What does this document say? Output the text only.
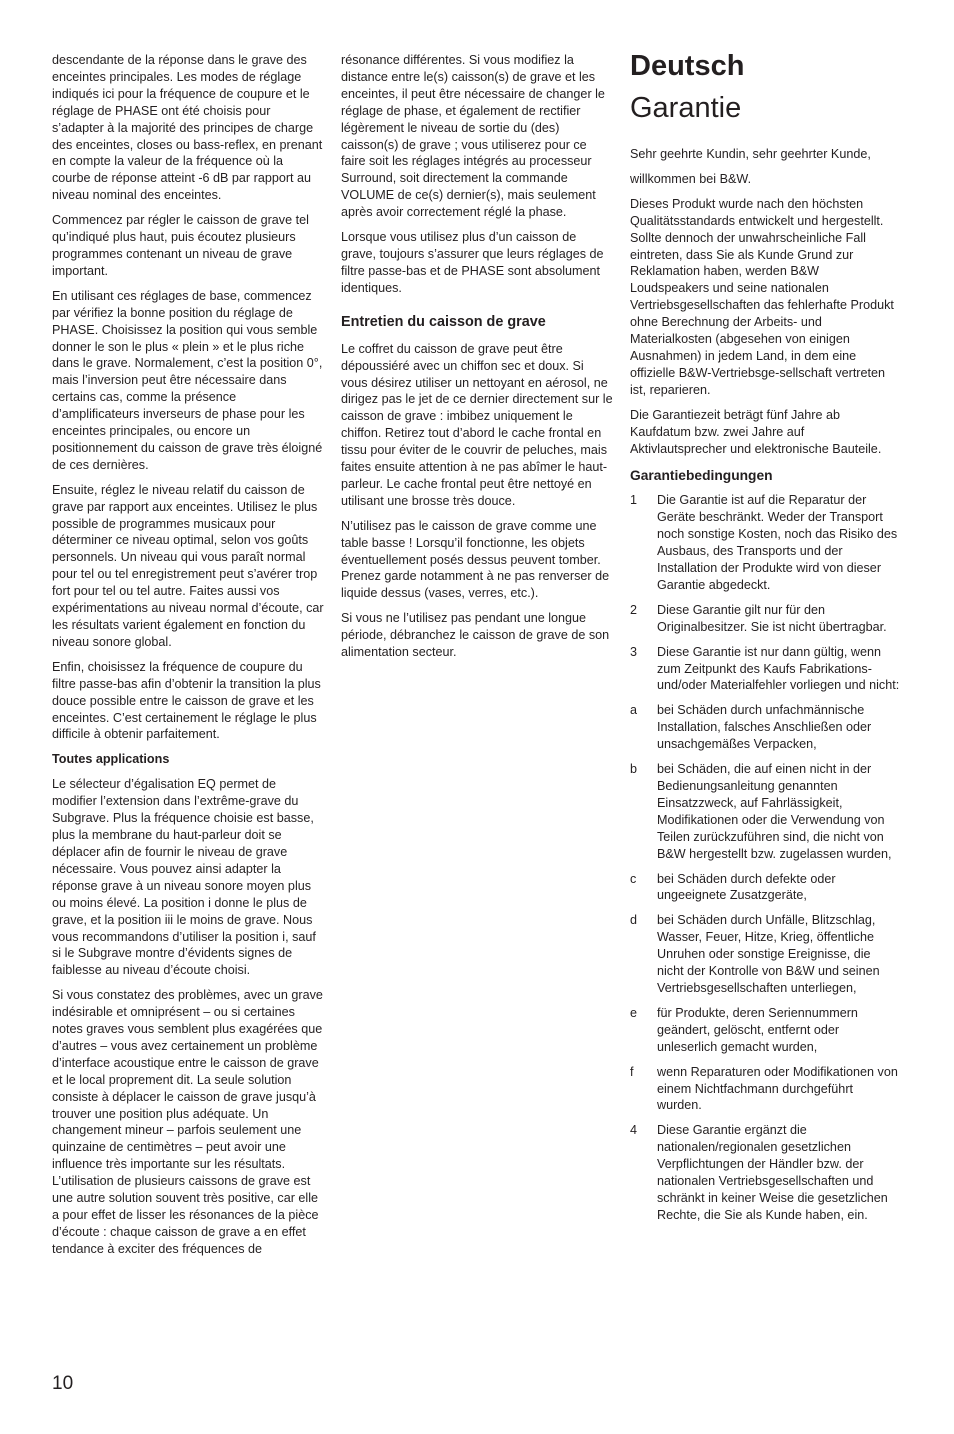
descendante de la réponse dans le grave des enceintes principales. Les modes de réglage indiqués ici pour la fréquence de coupure et le réglage de PHASE ont été choisis pour s’adapter à la majorité des principes de charge des enceintes, closes ou bass-reflex, en prenant en compte la valeur de la fréquence où la courbe de réponse atteint -6 dB par rapport au niveau nominal des enceintes.

Commencez par régler le caisson de grave tel qu’indiqué plus haut, puis écoutez plusieurs programmes contenant un niveau de grave important.

En utilisant ces réglages de base, commencez par vérifiez la bonne position du réglage de PHASE. Choisissez la position qui vous semble donner le son le plus « plein » et le plus riche dans le grave. Normalement, c’est la position 0°, mais l’inversion peut être nécessaire dans certains cas, comme la présence d’amplificateurs inverseurs de phase pour les enceintes principales, ou encore un positionnement du caisson de grave très éloigné de ces dernières.

Ensuite, réglez le niveau relatif du caisson de grave par rapport aux enceintes. Utilisez le plus possible de programmes musicaux pour déterminer ce niveau optimal, selon vos goûts personnels. Un niveau qui vous paraît normal pour tel ou tel enregistrement peut s’avérer trop fort pour tel ou tel autre. Faites aussi vos expérimentations au niveau normal d’écoute, car les résultats varient également en fonction du niveau sonore global.

Enfin, choisissez la fréquence de coupure du filtre passe-bas afin d’obtenir la transition la plus douce possible entre le caisson de grave et les enceintes. C’est certainement le réglage le plus difficile à obtenir parfaitement.

Toutes applications

Le sélecteur d’égalisation EQ permet de modifier l’extension dans l’extrême-grave du Subgrave. Plus la fréquence choisie est basse, plus la membrane du haut-parleur doit se déplacer afin de fournir le niveau de grave nécessaire. Vous pouvez ainsi adapter la réponse grave à un niveau sonore moyen plus ou moins élevé. La position i donne le plus de grave, et la position iii le moins de grave. Nous vous recommandons d’utiliser la position i, sauf si le Subgrave montre d’évidents signes de faiblesse au niveau d’écoute choisi.

Si vous constatez des problèmes, avec un grave indésirable et omniprésent – ou si certaines notes graves vous semblent plus exagérées que d’autres – vous avez certainement un problème d’interface acoustique entre le caisson de grave et le local proprement dit. La seule solution consiste à déplacer le caisson de grave jusqu’à trouver une position plus adéquate. Un changement mineur – parfois seulement une quinzaine de centimètres – peut avoir une influence très importante sur les résultats. L’utilisation de plusieurs caissons de grave est une autre solution souvent très positive, car elle a pour effet de lisser les résonances de la pièce d’écoute : chaque caisson de grave a en effet tendance à exciter des fréquences de

résonance différentes. Si vous modifiez la distance entre le(s) caisson(s) de grave et les enceintes, il peut être nécessaire de changer le réglage de phase, et également de rectifier légèrement le niveau de sortie du (des) caisson(s) de grave ; vous utiliserez pour ce faire soit les réglages intégrés au processeur Surround, soit directement la commande VOLUME de ce(s) dernier(s), mais seulement après avoir correctement réglé la phase.

Lorsque vous utilisez plus d’un caisson de grave, toujours s’assurer que leurs réglages de filtre passe-bas et de PHASE sont absolument identiques.

Entretien du caisson de grave

Le coffret du caisson de grave peut être dépoussiéré avec un chiffon sec et doux. Si vous désirez utiliser un nettoyant en aérosol, ne dirigez pas le jet de ce dernier directement sur le caisson de grave : imbibez uniquement le chiffon. Retirez tout d’abord le cache frontal en tissu pour éviter de le couvrir de peluches, mais faites ensuite attention à ne pas abîmer le haut-parleur. Le cache frontal peut être nettoyé en utilisant une brosse très douce.

N’utilisez pas le caisson de grave comme une table basse ! Lorsqu’il fonctionne, les objets éventuellement posés dessus peuvent tomber. Prenez garde notamment à ne pas renverser de liquide dessus (vases, verres, etc.).

Si vous ne l’utilisez pas pendant une longue période, débranchez le caisson de grave de son alimentation secteur.

Deutsch
Garantie

Sehr geehrte Kundin, sehr geehrter Kunde,

willkommen bei B&W.

Dieses Produkt wurde nach den höchsten Qualitätsstandards entwickelt und hergestellt. Sollte dennoch der unwahrscheinliche Fall eintreten, dass Sie als Kunde Grund zur Reklamation haben, werden B&W Loudspeakers und seine nationalen Vertriebsgesellschaften das fehlerhafte Produkt ohne Berechnung der Arbeits- und Materialkosten (abgesehen von einigen Ausnahmen) in jedem Land, in dem eine offizielle B&W-Vertriebsge-sellschaft vertreten ist, reparieren.

Die Garantiezeit beträgt fünf Jahre ab Kaufdatum bzw. zwei Jahre auf Aktivlautsprecher und elektronische Bauteile.

Garantiebedingungen
1	Die Garantie ist auf die Reparatur der Geräte beschränkt. Weder der Transport noch sonstige Kosten, noch das Risiko des Ausbaus, des Transports und der Installation der Produkte wird von dieser Garantie abgedeckt.
2	Diese Garantie gilt nur für den Originalbesitzer. Sie ist nicht übertragbar.
3	Diese Garantie ist nur dann gültig, wenn zum Zeitpunkt des Kaufs Fabrikations- und/oder Materialfehler vorliegen und nicht:
a	bei Schäden durch unfachmännische Installation, falsches Anschließen oder unsachgemäßes Verpacken,
b	bei Schäden, die auf einen nicht in der Bedienungsanleitung genannten Einsatzzweck, auf Fahrlässigkeit, Modifikationen oder die Verwendung von Teilen zurückzuführen sind, die nicht von B&W hergestellt bzw. zugelassen wurden,
c	bei Schäden durch defekte oder ungeeignete Zusatzgeräte,
d	bei Schäden durch Unfälle, Blitzschlag, Wasser, Feuer, Hitze, Krieg, öffentliche Unruhen oder sonstige Ereignisse, die nicht der Kontrolle von B&W und seinen Vertriebsgesellschaften unterliegen,
e	für Produkte, deren Seriennummern geändert, gelöscht, entfernt oder unleserlich gemacht wurden,
f	wenn Reparaturen oder Modifikationen von einem Nichtfachmann durchgeführt wurden.
4	Diese Garantie ergänzt die nationalen/regionalen gesetzlichen Verpflichtungen der Händler bzw. der nationalen Vertriebsgesellschaften und schränkt in keiner Weise die gesetzlichen Rechte, die Sie als Kunde haben, ein.
10
